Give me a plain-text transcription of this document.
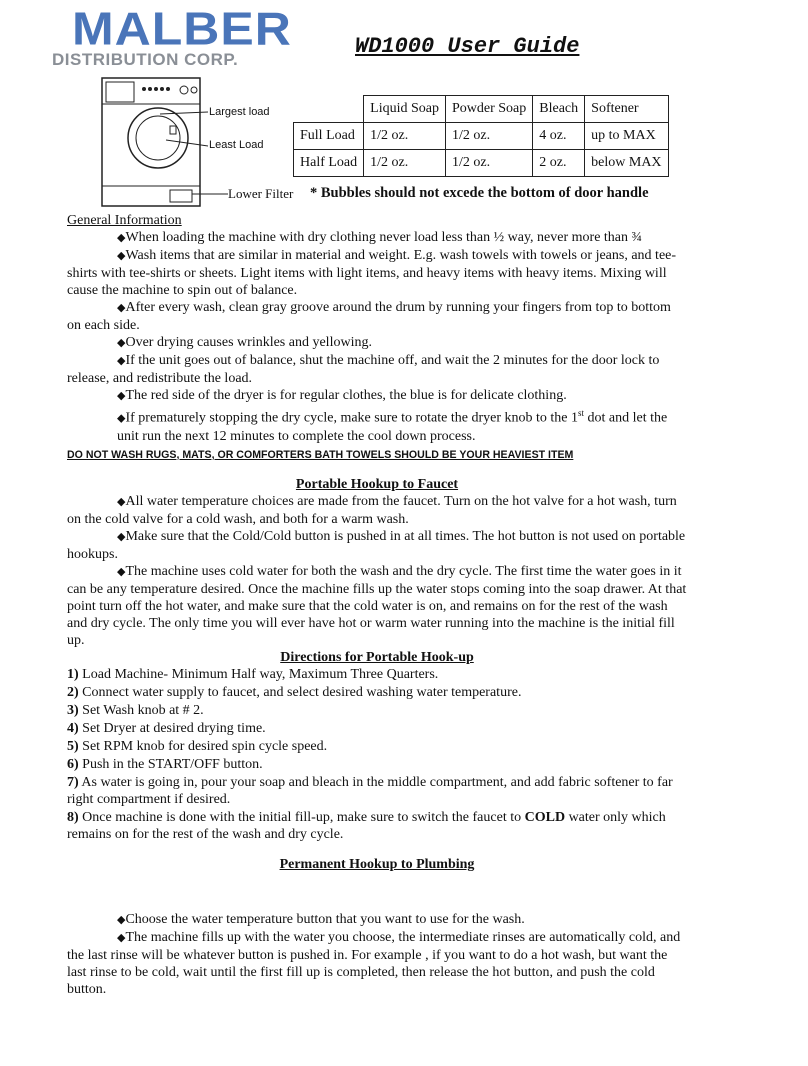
MALBER
DISTRIBUTION CORP.
WD1000 User Guide
Largest load
Least Load
Lower Filter
	Liquid Soap	Powder Soap	Bleach	Softener
Full Load	1/2 oz.	1/2 oz.	4 oz.	up to MAX
Half Load	1/2 oz.	1/2 oz.	2 oz.	below MAX
* Bubbles should not excede the bottom of door handle

General Information

◆When loading the machine with dry clothing never load less than ½ way, never more than ¾

◆Wash items that are similar in material and weight. E.g. wash towels with towels or jeans, and tee-shirts with tee-shirts or sheets. Light items with light items, and heavy items with heavy items. Mixing will cause the machine to spin out of balance.

◆After every wash, clean gray groove around the drum by running your fingers from top to bottom on each side.

◆Over drying causes wrinkles and yellowing.

◆If the unit goes out of balance, shut the machine off, and wait the 2 minutes for the door lock to release, and redistribute the load.

◆The red side of the dryer is for regular clothes, the blue is for delicate clothing.

◆If prematurely stopping the dry cycle, make sure to rotate the dryer knob to the 1st dot and let the unit run the next 12 minutes to complete the cool down process.

DO NOT WASH RUGS, MATS, OR COMFORTERS BATH TOWELS SHOULD BE YOUR HEAVIEST ITEM

Portable Hookup to Faucet

◆All water temperature choices are made from the faucet. Turn on the hot valve for a hot wash, turn on the cold valve for a cold wash, and both for a warm wash.

◆Make sure that the Cold/Cold button is pushed in at all times. The hot button is not used on portable hookups.

◆The machine uses cold water for both the wash and the dry cycle. The first time the water goes in it can be any temperature desired. Once the machine fills up the water stops coming into the soap drawer. At that point turn off the hot water, and make sure that the cold water is on, and remains on for the rest of the wash and dry cycle. The only time you will ever have hot or warm water running into the machine is the initial fill up.

Directions for Portable Hook-up

1) Load Machine- Minimum Half way, Maximum Three Quarters.

2) Connect water supply to faucet, and select desired washing water temperature.

3) Set Wash knob at # 2.

4) Set Dryer at desired drying time.

5) Set RPM knob for desired spin cycle speed.

6) Push in the START/OFF button.

7) As water is going in, pour your soap and bleach in the middle compartment, and add fabric softener to far right compartment if desired.

8) Once machine is done with the initial fill-up, make sure to switch the faucet to COLD water only which remains on for the rest of the wash and dry cycle.

Permanent Hookup to Plumbing

◆Choose the water temperature button that you want to use for the wash.

◆The machine fills up with the water you choose, the intermediate rinses are automatically cold, and the last rinse will be whatever button is pushed in. For example , if you want to do a hot wash, but want the last rinse to be cold, wait until the first fill up is completed, then release the hot button, and push the cold button.
